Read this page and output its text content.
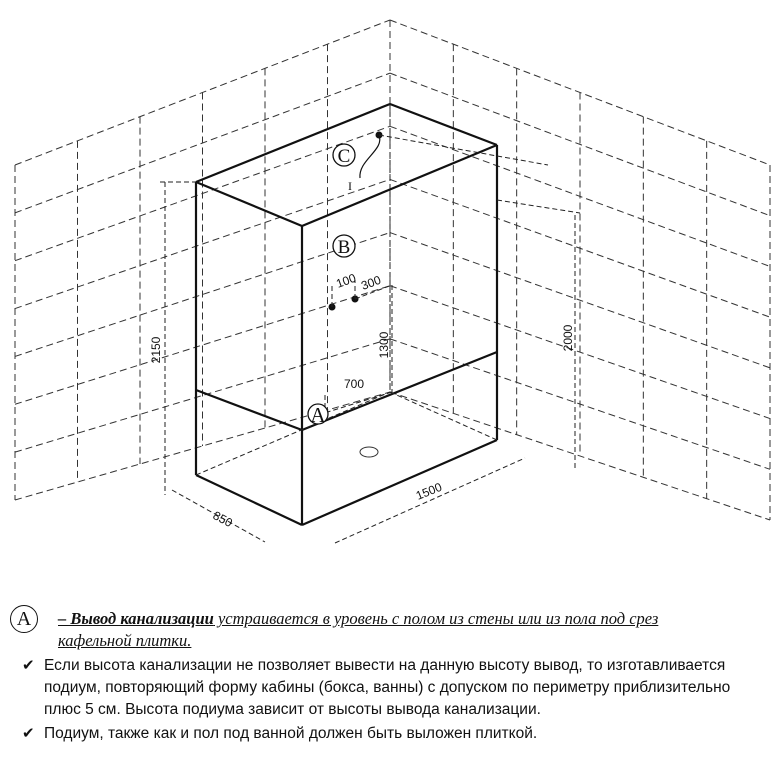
C
I
B
100 300
1300
700
A
2000
2150
850
1500
A	– Вывод канализации устраивается в уровень с полом из стены или из пола под срез кафельной плитки.
✔ Если высота канализации не позволяет вывести на данную высоту вывод, то изготавливается подиум, повторяющий форму кабины (бокса, ванны) с допуском по периметру приблизительно плюс 5 см. Высота подиума зависит от высоты вывода канализации.
✔ Подиум, также как и пол под ванной должен быть выложен плиткой.
